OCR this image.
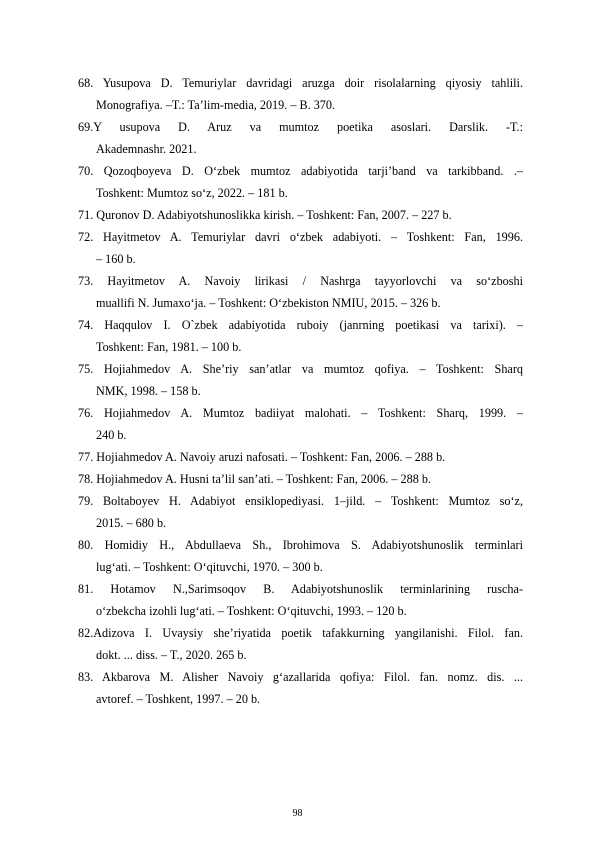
68. Yusupova D. Temuriylar davridagi aruzga doir risolalarning qiyosiy tahlili.
Monografiya. –T.: Ta’lim-media, 2019. – B. 370.
69.Y usupova D. Aruz va mumtoz poetika asoslari. Darslik. -T.:
Akademnashr. 2021.
70. Qozoqboyeva D. O‘zbek mumtoz adabiyotida tarji’band va tarkibband. .–
Toshkent: Mumtoz so‘z, 2022. – 181 b.
71. Quronov D. Adabiyotshunoslikka kirish. – Toshkent: Fan, 2007. – 227 b.
72. Hayitmetov A. Temuriylar davri o‘zbek adabiyoti. – Toshkent: Fan, 1996.
– 160 b.
73. Hayitmetov A. Navoiy lirikasi / Nashrga tayyorlovchi va so‘zboshi
muallifi N. Jumaxo‘ja. – Toshkent: O‘zbekiston NMIU, 2015. – 326 b.
74. Haqqulov I. O`zbek adabiyotida ruboiy (janrning poetikasi va tarixi). –
Toshkent: Fan, 1981. – 100 b.
75. Hojiahmedov A. She’riy san’atlar va mumtoz qofiya. – Toshkent: Sharq
NMK, 1998. – 158 b.
76. Hojiahmedov A. Mumtoz badiiyat malohati. – Toshkent: Sharq, 1999. –
240 b.
77. Hojiahmedov A. Navoiy aruzi nafosati. – Toshkent: Fan, 2006. – 288 b.
78. Hojiahmedov A. Husni ta’lil san’ati. – Toshkent: Fan, 2006. – 288 b.
79. Boltaboyev H. Adabiyot ensiklopediyasi. 1–jild. – Toshkent: Mumtoz so‘z,
2015. – 680 b.
80. Homidiy H., Abdullaeva Sh., Ibrohimova S. Adabiyotshunoslik terminlari
lug‘ati. – Toshkent: O‘qituvchi, 1970. – 300 b.
81. Hotamov N.,Sarimsoqov B. Adabiyotshunoslik terminlarining ruscha-
o‘zbekcha izohli lug‘ati. – Toshkent: O‘qituvchi, 1993. – 120 b.
82.Adizova I. Uvaysiy she’riyatida poetik tafakkurning yangilanishi. Filol. fan.
dokt. ... diss. – T., 2020. 265 b.
83. Akbarova M. Alisher Navoiy g‘azallarida qofiya: Filol. fan. nomz. dis. ...
avtoref. – Toshkent, 1997. – 20 b.
98
